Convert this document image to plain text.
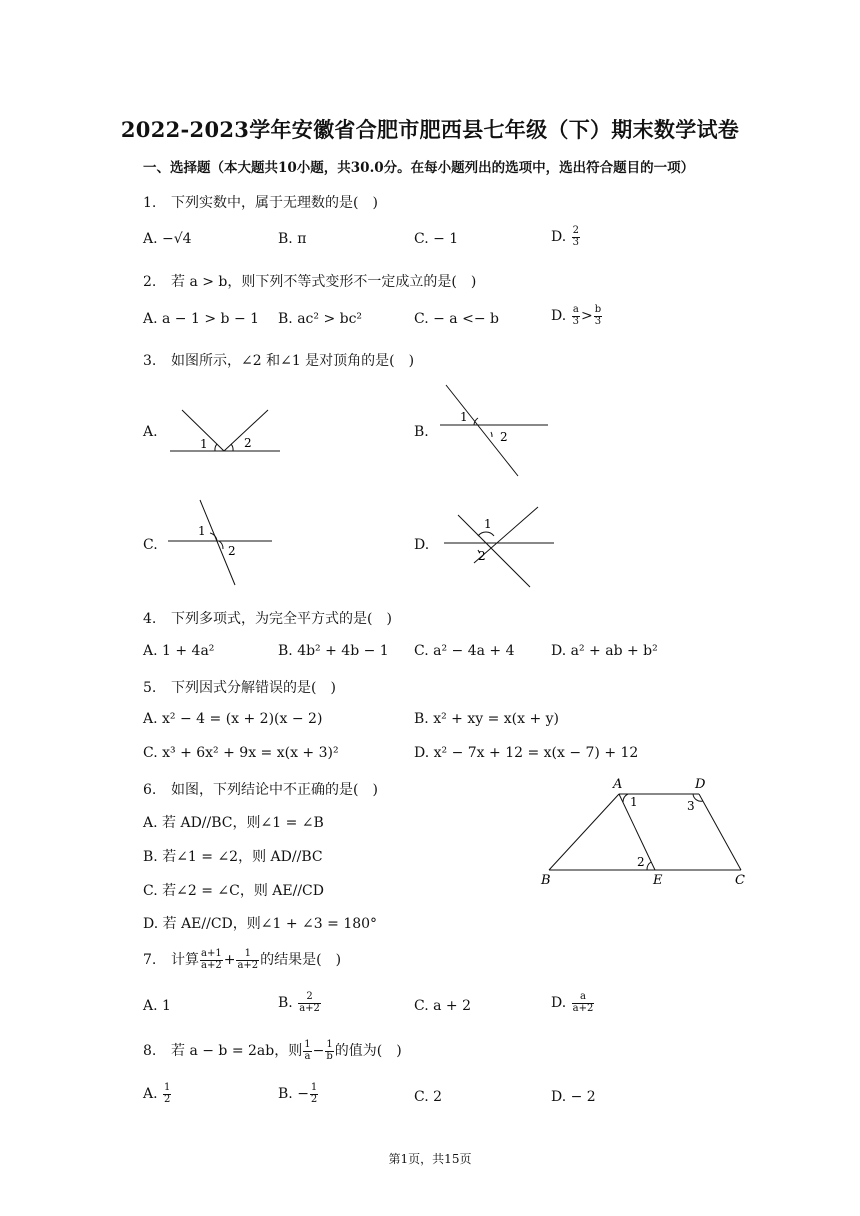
2022-2023学年安徽省合肥市肥西县七年级（下）期末数学试卷
一、选择题（本大题共10小题，共30.0分。在每小题列出的选项中，选出符合题目的一项）
1. 下列实数中，属于无理数的是(　)
A. −√4	B. π	C. − 1	D. $\frac{2}{3}$
2. 若 a > b，则下列不等式变形不一定成立的是(　)
A. a − 1 > b − 1 B. ac² > bc²	C. − a <− b	D. $\frac{a}{3} > \frac{b}{3}$
3. 如图所示，∠2 和∠1 是对顶角的是(　)
A.	B.
C.	D.
1	2
1
2
1
2
1
2
4. 下列多项式，为完全平方式的是(　)
A. 1 + 4a²	B. 4b² + 4b − 1 C. a² − 4a + 4	D. a² + ab + b²
5. 下列因式分解错误的是(　)
A. x² − 4 = (x + 2)(x − 2)	B. x² + xy = x(x + y)
C. x³ + 6x² + 9x = x(x + 3)²	D. x² − 7x + 12 = x(x − 7) + 12
6. 如图，下列结论中不正确的是(　)
A. 若 AD//BC，则∠1 = ∠B
B. 若∠1 = ∠2，则 AD//BC
C. 若∠2 = ∠C，则 AE//CD
D. 若 AE//CD，则∠1 + ∠3 = 180°
A	D
B	E	C
1
2
3
7. 计算 $\frac{a+1}{a+2} + \frac{1}{a+2}$ 的结果是(　)
A. 1	B. $\frac{2}{a+2}$	C. a + 2	D. $\frac{a}{a+2}$
8. 若 a − b = 2ab，则 $\frac{1}{a} - \frac{1}{b}$ 的值为(　)
A. $\frac{1}{2}$	B. − $\frac{1}{2}$	C. 2	D. − 2
第1页，共15页
